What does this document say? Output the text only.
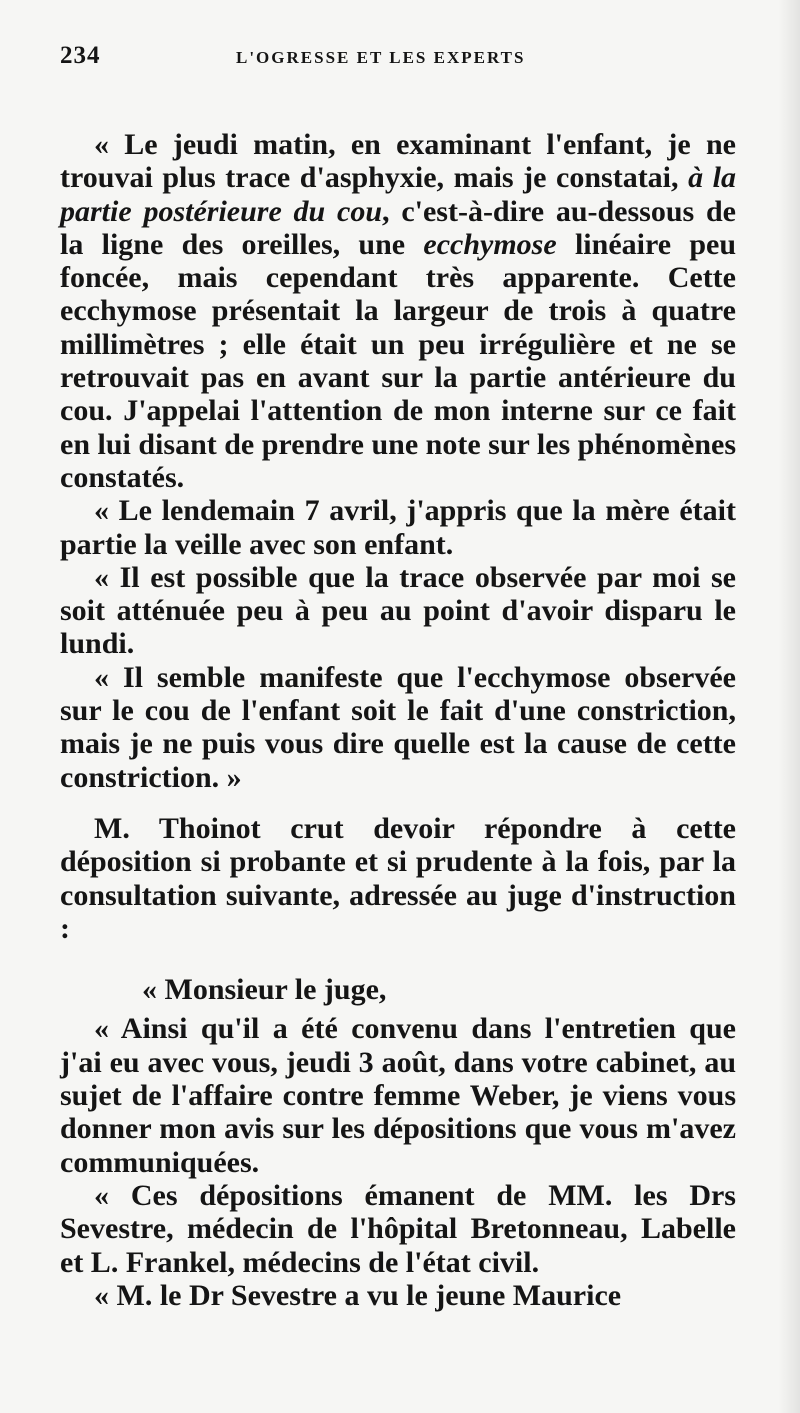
234	L'OGRESSE ET LES EXPERTS

« Le jeudi matin, en examinant l'enfant, je ne trouvai plus trace d'asphyxie, mais je constatai, à la partie postérieure du cou, c'est-à-dire au-dessous de la ligne des oreilles, une ecchymose linéaire peu foncée, mais cependant très apparente. Cette ecchymose présentait la largeur de trois à quatre millimètres ; elle était un peu irrégulière et ne se retrouvait pas en avant sur la partie antérieure du cou. J'appelai l'attention de mon interne sur ce fait en lui disant de prendre une note sur les phénomènes constatés.

« Le lendemain 7 avril, j'appris que la mère était partie la veille avec son enfant.

« Il est possible que la trace observée par moi se soit atténuée peu à peu au point d'avoir disparu le lundi.

« Il semble manifeste que l'ecchymose observée sur le cou de l'enfant soit le fait d'une constriction, mais je ne puis vous dire quelle est la cause de cette constriction. »

M. Thoinot crut devoir répondre à cette déposition si probante et si prudente à la fois, par la consultation suivante, adressée au juge d'instruction :

« Monsieur le juge,

« Ainsi qu'il a été convenu dans l'entretien que j'ai eu avec vous, jeudi 3 août, dans votre cabinet, au sujet de l'affaire contre femme Weber, je viens vous donner mon avis sur les dépositions que vous m'avez communiquées.

« Ces dépositions émanent de MM. les Drs Sevestre, médecin de l'hôpital Bretonneau, Labelle et L. Frankel, médecins de l'état civil.

« M. le Dr Sevestre a vu le jeune Maurice
